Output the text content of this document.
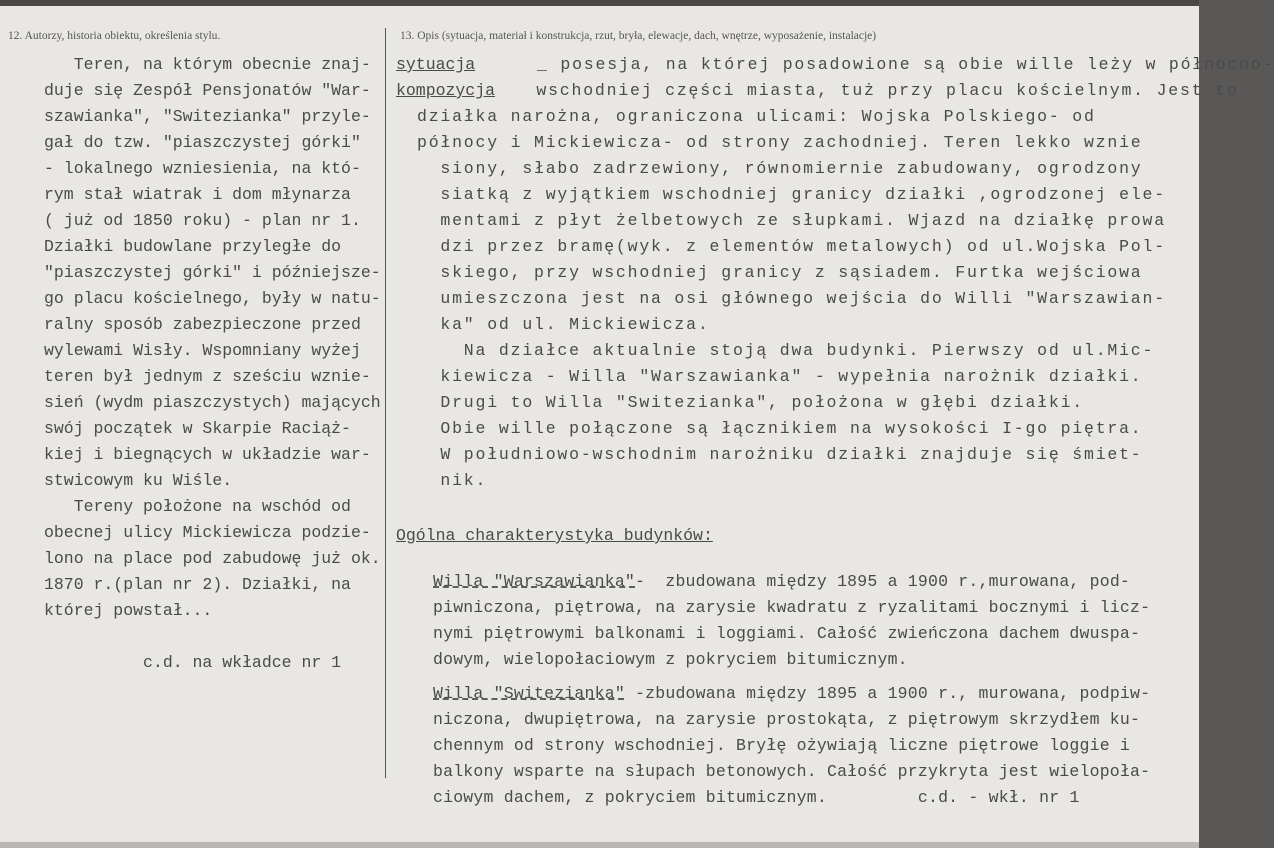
12. Autorzy, historia obiektu, określenia stylu.	13. Opis (sytuacja, materiał i konstrukcja, rzut, bryła, elewacje, dach, wnętrze, wyposażenie, instalacje)
Teren, na którym obecnie znaj-
duje się Zespół Pensjonatów "War-
szawianka", "Switezianka" przyle-
gał do tzw. "piaszczystej górki"
- lokalnego wzniesienia, na któ-
rym stał wiatrak i dom młynarza
( już od 1850 roku) - plan nr 1.
Działki budowlane przyległe do
"piaszczystej górki" i późniejsze-
go placu kościelnego, były w natu-
ralny sposób zabezpieczone przed
wylewami Wisły. Wspomniany wyżej
teren był jednym z sześciu wznie-
sień (wydm piaszczystych) mających
swój początek w Skarpie Raciąż-
kiej i biegnących w układzie war-
stwicowym ku Wiśle.
Tereny położone na wschód od
obecnej ulicy Mickiewicza podzie-
lono na place pod zabudowę już ok.
1870 r.(plan nr 2). Działki, na
której powstał...
c.d. na wkładce nr 1
sytuacja
kompozycja
_ posesja, na której posadowione są obie wille leży w północno-
wschodniej części miasta, tuż przy placu kościelnym. Jest to
działka narożna, ograniczona ulicami: Wojska Polskiego- od
północy i Mickiewicza- od strony zachodniej. Teren lekko wznie
siony, słabo zadrzewiony, równomiernie zabudowany, ogrodzony
siatką z wyjątkiem wschodniej granicy działki ,ogrodzonej ele-
mentami z płyt żelbetowych ze słupkami. Wjazd na działkę prowa
dzi przez bramę(wyk. z elementów metalowych) od ul.Wojska Pol-
skiego, przy wschodniej granicy z sąsiadem. Furtka wejściowa
umieszczona jest na osi głównego wejścia do Willi "Warszawian-
ka" od ul. Mickiewicza.
Na działce aktualnie stoją dwa budynki. Pierwszy od ul.Mic-
kiewicza - Willa "Warszawianka" - wypełnia narożnik działki.
Drugi to Willa "Switezianka", położona w głębi działki.
Obie wille połączone są łącznikiem na wysokości I-go piętra.
W południowo-wschodnim narożniku działki znajduje się śmiet-
nik.
Ogólna charakterystyka budynków:
Willa "Warszawianka"-  zbudowana między 1895 a 1900 r.,murowana, pod-
piwniczona, piętrowa, na zarysie kwadratu z ryzalitami bocznymi i licz-
nymi piętrowymi balkonami i loggiami. Całość zwieńczona dachem dwuspa-
dowym, wielopołaciowym z pokryciem bitumicznym.
Willa "Switezianka" -zbudowana między 1895 a 1900 r., murowana, podpiw-
niczona, dwupiętrowa, na zarysie prostokąta, z piętrowym skrzydłem ku-
chennym od strony wschodniej. Bryłę ożywiają liczne piętrowe loggie i
balkony wsparte na słupach betonowych. Całość przykryta jest wielopoła-
ciowym dachem, z pokryciem bitumicznym.         c.d. - wkł. nr 1
